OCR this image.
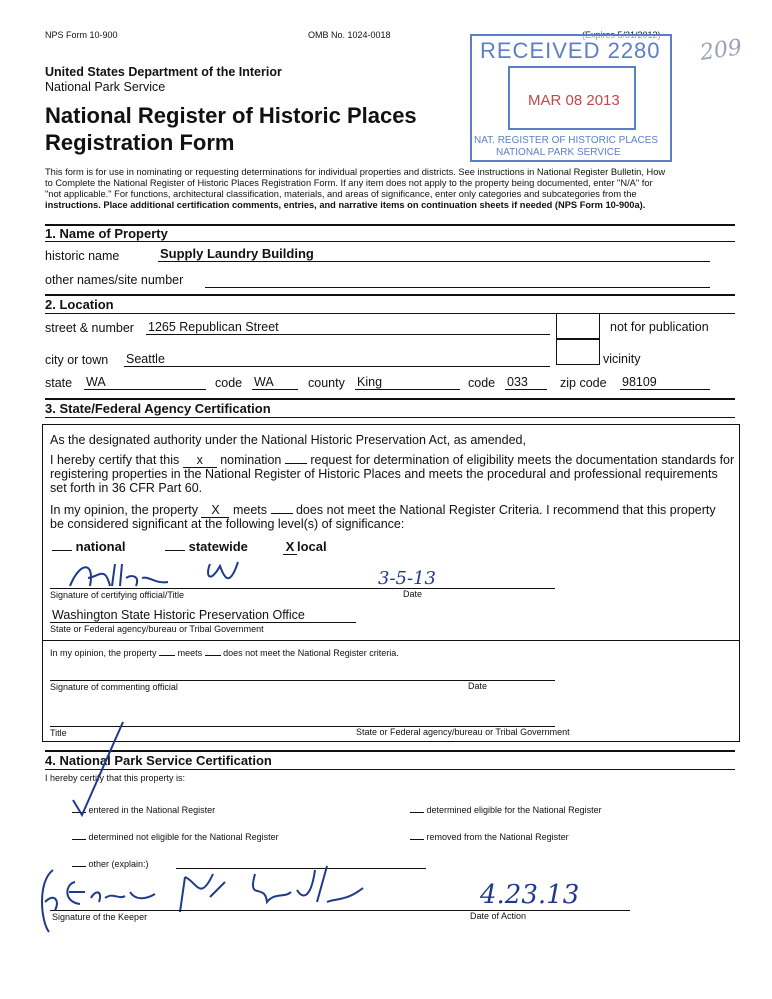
NPS Form 10-900	OMB No. 1024-0018
209
United States Department of the Interior
National Park Service
National Register of Historic Places
Registration Form
RECEIVED 2280
MAR 08 2013
NAT. REGISTER OF HISTORIC PLACES
NATIONAL PARK SERVICE
This form is for use in nominating or requesting determinations for individual properties and districts. See instructions in National Register Bulletin, How
to Complete the National Register of Historic Places Registration Form. If any item does not apply to the property being documented, enter "N/A" for
"not applicable." For functions, architectural classification, materials, and areas of significance, enter only categories and subcategories from the
instructions. Place additional certification comments, entries, and narrative items on continuation sheets if needed (NPS Form 10-900a).
1. Name of Property
historic name	Supply Laundry Building
other names/site number
2. Location
street & number 1265 Republican Street	not for publication
city or town Seattle	vicinity
state WA	code WA	county King	code 033	zip code 98109
3. State/Federal Agency Certification
As the designated authority under the National Historic Preservation Act, as amended,
I hereby certify that this x nomination request for determination of eligibility meets the documentation standards for
registering properties in the National Register of Historic Places and meets the procedural and professional requirements
set forth in 36 CFR Part 60.
In my opinion, the property X meets does not meet the National Register Criteria. I recommend that this property
be considered significant at the following level(s) of significance:
national	statewide	X local
3-5-13
Signature of certifying official/Title	Date
Washington State Historic Preservation Office
State or Federal agency/bureau or Tribal Government
In my opinion, the property meets does not meet the National Register criteria.
Signature of commenting official	Date
Title	State or Federal agency/bureau or Tribal Government
4. National Park Service Certification
I hereby certify that this property is:
entered in the National Register	determined eligible for the National Register
determined not eligible for the National Register	removed from the National Register
other (explain:)
4.23.13
Signature of the Keeper	Date of Action
